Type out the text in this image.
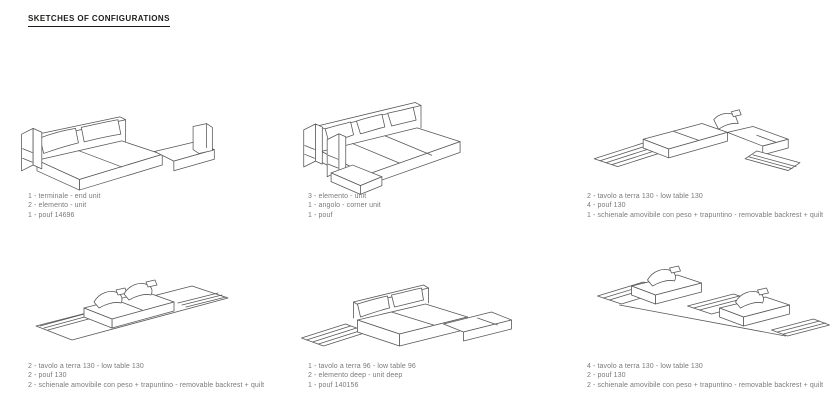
SKETCHES OF CONFIGURATIONS
1 - terminale - end unit
2 - elemento - unit
1 - pouf 14696
3 - elemento - unit
1 - angolo - corner unit
1 - pouf
2 - tavolo a terra 130 - low table 130
4 - pouf 130
1 - schienale amovibile con peso + trapuntino - removable backrest + quilt
2 - tavolo a terra 130 - low table 130
2 - pouf 130
2 - schienale amovibile con peso + trapuntino - removable backrest + quilt
1 - tavolo a terra 96 - low table 96
2 - elemento deep - unit deep
1 - pouf 140156
4 - tavolo a terra 130 - low table 130
2 - pouf 130
2 - schienale amovibile con peso + trapuntino - removable backrest + quilt
